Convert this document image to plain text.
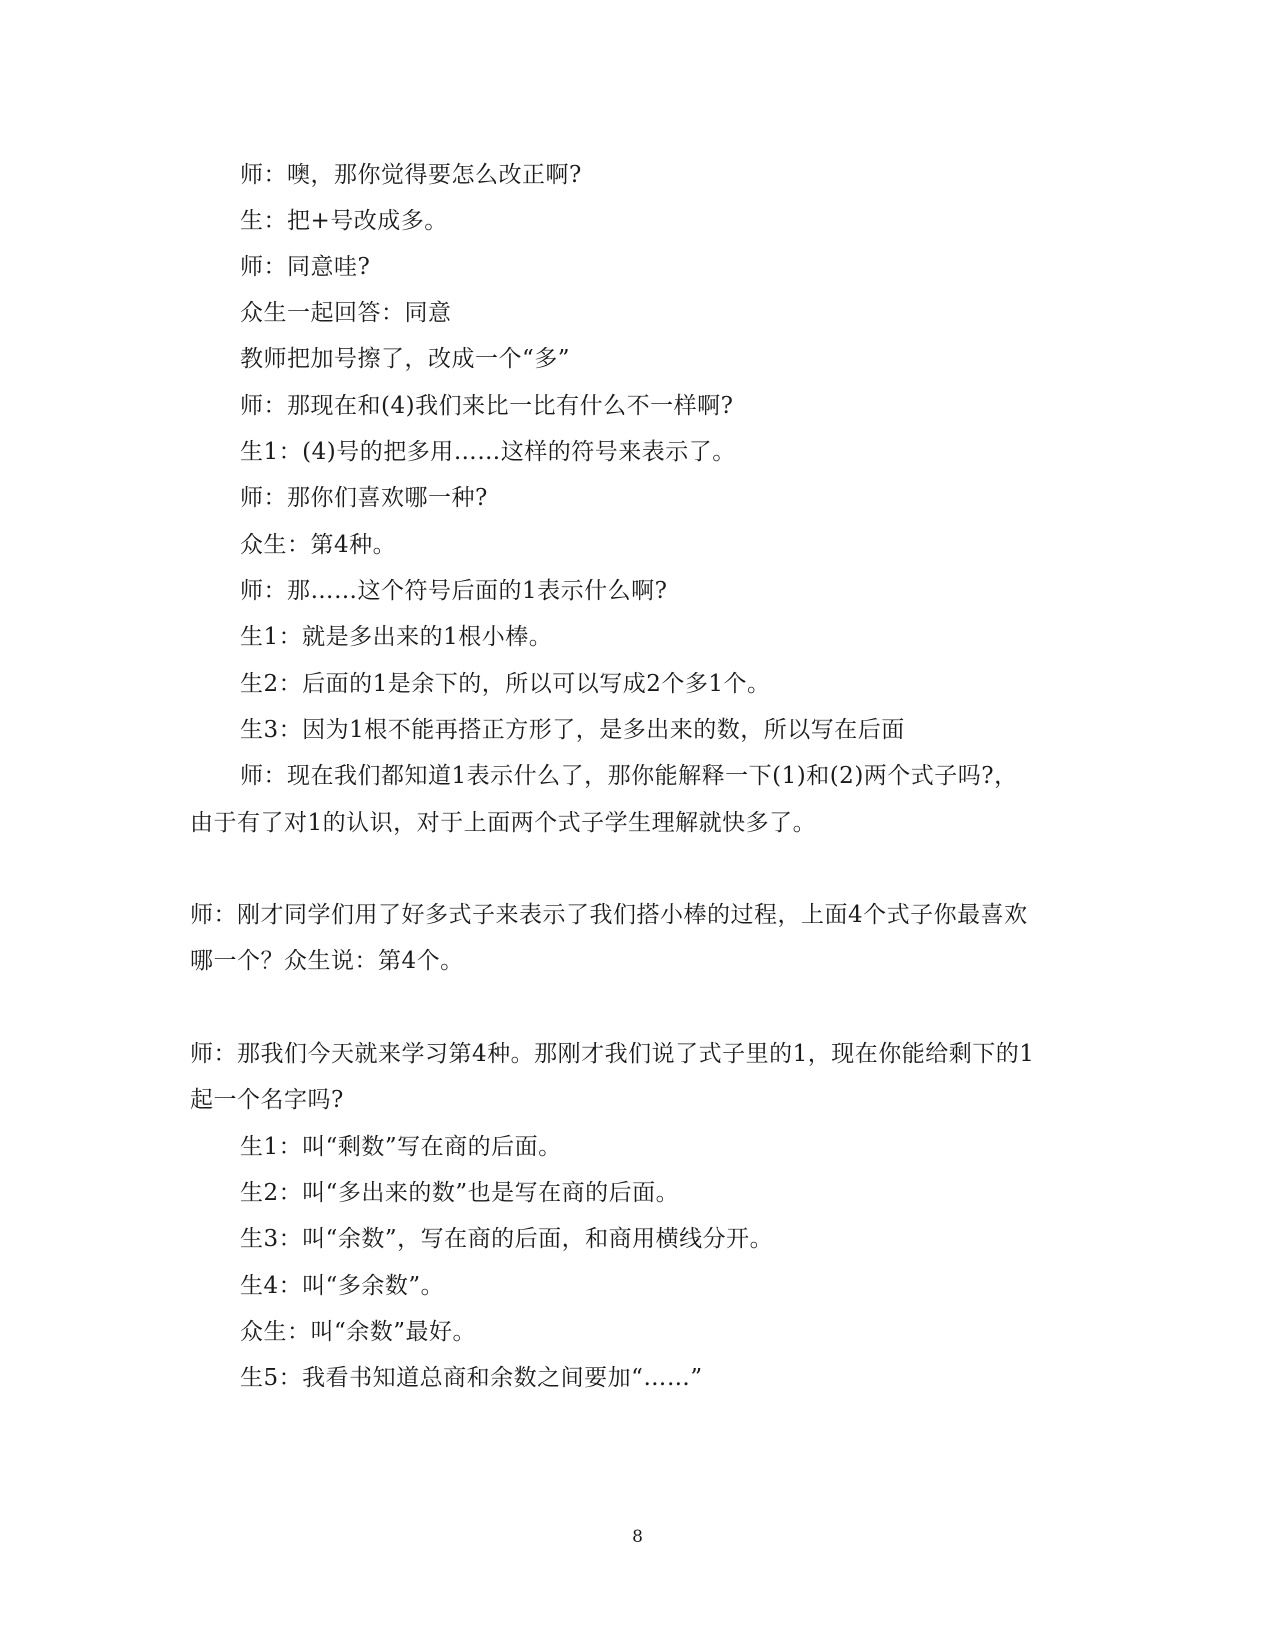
师：噢，那你觉得要怎么改正啊?
生：把+号改成多。
师：同意哇?
众生一起回答：同意
教师把加号擦了，改成一个“多”
师：那现在和(4)我们来比一比有什么不一样啊?
生1：(4)号的把多用……这样的符号来表示了。
师：那你们喜欢哪一种?
众生：第4种。
师：那……这个符号后面的1表示什么啊?
生1：就是多出来的1根小棒。
生2：后面的1是余下的，所以可以写成2个多1个。
生3：因为1根不能再搭正方形了，是多出来的数，所以写在后面
师：现在我们都知道1表示什么了，那你能解释一下(1)和(2)两个式子吗?，
由于有了对1的认识，对于上面两个式子学生理解就快多了。
师：刚才同学们用了好多式子来表示了我们搭小棒的过程，上面4个式子你最喜欢
哪一个？众生说：第4个。
师：那我们今天就来学习第4种。那刚才我们说了式子里的1，现在你能给剩下的1
起一个名字吗?
生1：叫“剩数”写在商的后面。
生2：叫“多出来的数”也是写在商的后面。
生3：叫“余数”，写在商的后面，和商用横线分开。
生4：叫“多余数”。
众生：叫“余数”最好。
生5：我看书知道总商和余数之间要加“……”
8
